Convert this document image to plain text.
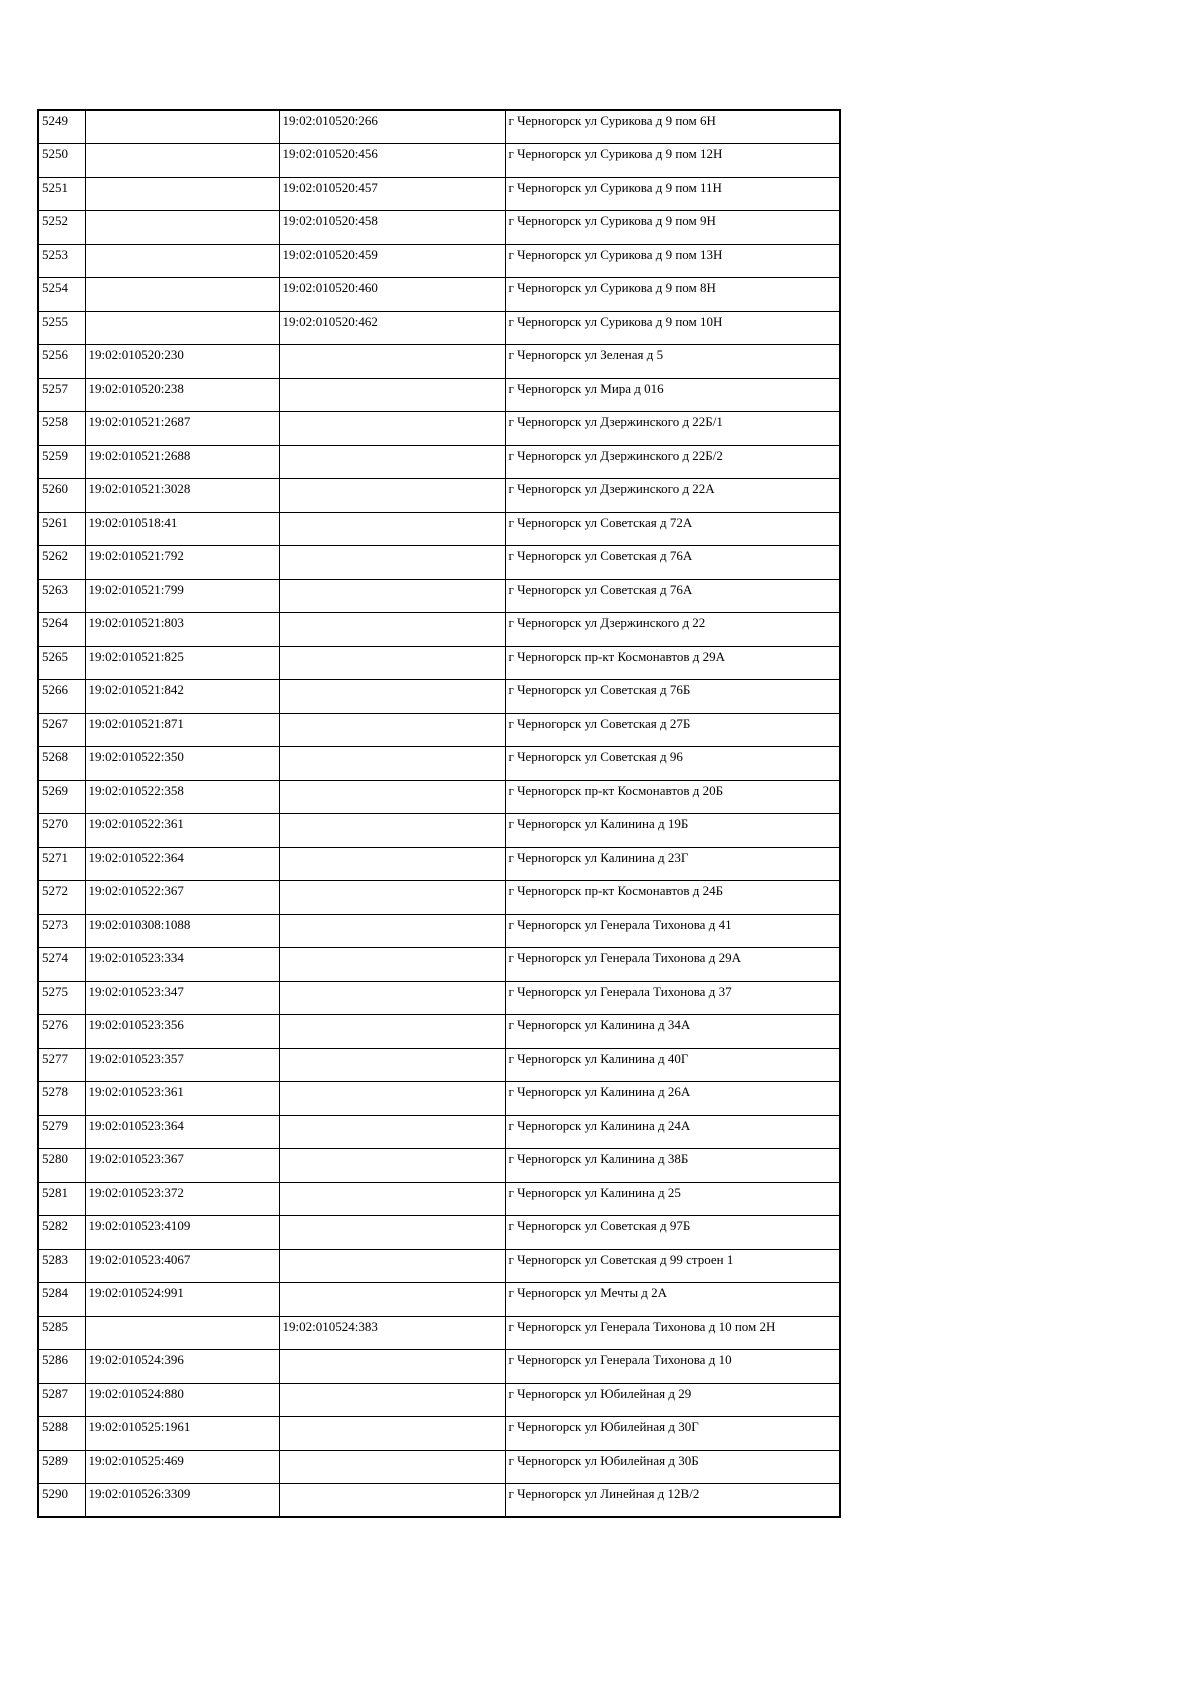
5249		19:02:010520:266	г Черногорск ул Сурикова д 9 пом 6Н
5250		19:02:010520:456	г Черногорск ул Сурикова д 9 пом 12Н
5251		19:02:010520:457	г Черногорск ул Сурикова д 9 пом 11Н
5252		19:02:010520:458	г Черногорск ул Сурикова д 9 пом 9Н
5253		19:02:010520:459	г Черногорск ул Сурикова д 9 пом 13Н
5254		19:02:010520:460	г Черногорск ул Сурикова д 9 пом 8Н
5255		19:02:010520:462	г Черногорск ул Сурикова д 9 пом 10Н
5256	19:02:010520:230		г Черногорск ул Зеленая д 5
5257	19:02:010520:238		г Черногорск ул Мира д 016
5258	19:02:010521:2687		г Черногорск ул Дзержинского д 22Б/1
5259	19:02:010521:2688		г Черногорск ул Дзержинского д 22Б/2
5260	19:02:010521:3028		г Черногорск ул Дзержинского д 22А
5261	19:02:010518:41		г Черногорск ул Советская д 72А
5262	19:02:010521:792		г Черногорск ул Советская д 76А
5263	19:02:010521:799		г Черногорск ул Советская д 76А
5264	19:02:010521:803		г Черногорск ул Дзержинского д 22
5265	19:02:010521:825		г Черногорск пр-кт Космонавтов д 29А
5266	19:02:010521:842		г Черногорск ул Советская д 76Б
5267	19:02:010521:871		г Черногорск ул Советская д 27Б
5268	19:02:010522:350		г Черногорск ул Советская д 96
5269	19:02:010522:358		г Черногорск пр-кт Космонавтов д 20Б
5270	19:02:010522:361		г Черногорск ул Калинина д 19Б
5271	19:02:010522:364		г Черногорск ул Калинина д 23Г
5272	19:02:010522:367		г Черногорск пр-кт Космонавтов д 24Б
5273	19:02:010308:1088		г Черногорск ул Генерала Тихонова д 41
5274	19:02:010523:334		г Черногорск ул Генерала Тихонова д 29А
5275	19:02:010523:347		г Черногорск ул Генерала Тихонова д 37
5276	19:02:010523:356		г Черногорск ул Калинина д 34А
5277	19:02:010523:357		г Черногорск ул Калинина д 40Г
5278	19:02:010523:361		г Черногорск ул Калинина д 26А
5279	19:02:010523:364		г Черногорск ул Калинина д 24А
5280	19:02:010523:367		г Черногорск ул Калинина д 38Б
5281	19:02:010523:372		г Черногорск ул Калинина д 25
5282	19:02:010523:4109		г Черногорск ул Советская д 97Б
5283	19:02:010523:4067		г Черногорск ул Советская д 99 строен 1
5284	19:02:010524:991		г Черногорск ул Мечты д 2А
5285		19:02:010524:383	г Черногорск ул Генерала Тихонова д 10 пом 2Н
5286	19:02:010524:396		г Черногорск ул Генерала Тихонова д 10
5287	19:02:010524:880		г Черногорск ул Юбилейная д 29
5288	19:02:010525:1961		г Черногорск ул Юбилейная д 30Г
5289	19:02:010525:469		г Черногорск ул Юбилейная д 30Б
5290	19:02:010526:3309		г Черногорск ул Линейная д 12В/2
